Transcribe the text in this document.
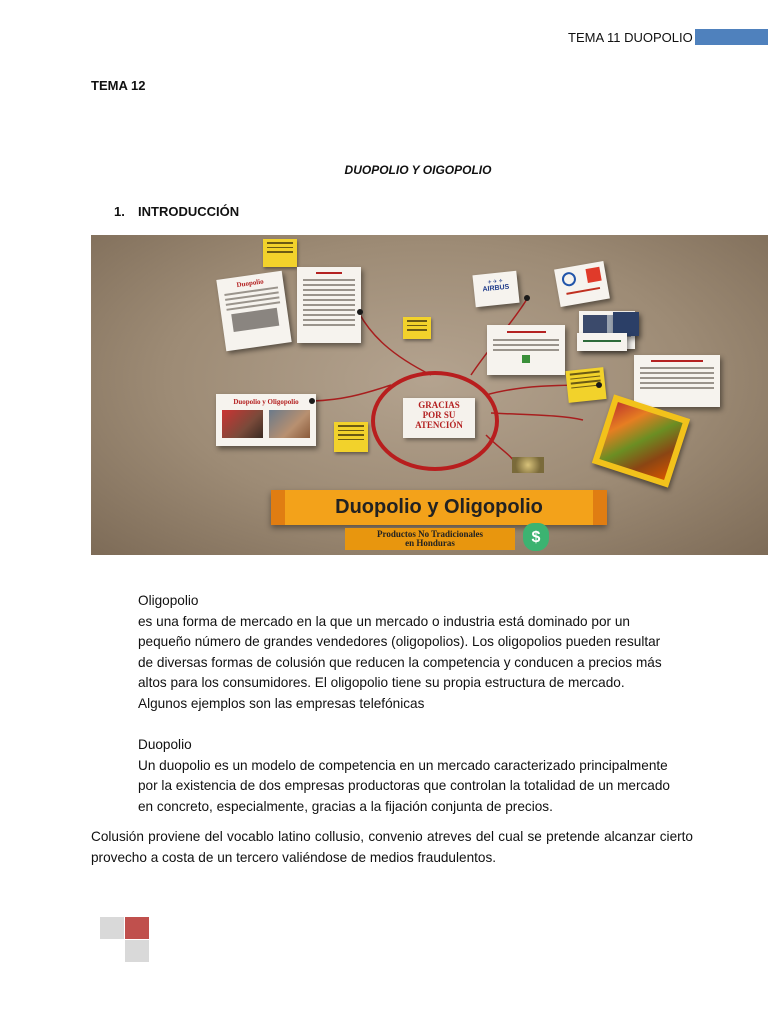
TEMA 11 DUOPOLIO
TEMA 12
DUOPOLIO Y OIGOPOLIO
1. INTRODUCCIÓN
Duopolio	✈ ✈ ✈
AIRBUS
Duopolio y Oligopolio	GRACIAS
POR SU
ATENCIÓN
Duopolio y Oligopolio
Productos No Tradicionales
en Honduras	$
Oligopolio
es una forma de mercado en la que un mercado o industria está dominado por un
pequeño número de grandes vendedores (oligopolios). Los oligopolios pueden resultar
de diversas formas de colusión que reducen la competencia y conducen a precios más
altos para los consumidores. El oligopolio tiene su propia estructura de mercado.
Algunos ejemplos son las empresas telefónicas
Duopolio
Un duopolio es un modelo de competencia en un mercado caracterizado principalmente
por la existencia de dos empresas productoras que controlan la totalidad de un mercado
en concreto, especialmente, gracias a la fijación conjunta de precios.
Colusión proviene del vocablo latino collusio, convenio atreves del cual se pretende alcanzar cierto provecho a costa de un tercero valiéndose de medios fraudulentos.
